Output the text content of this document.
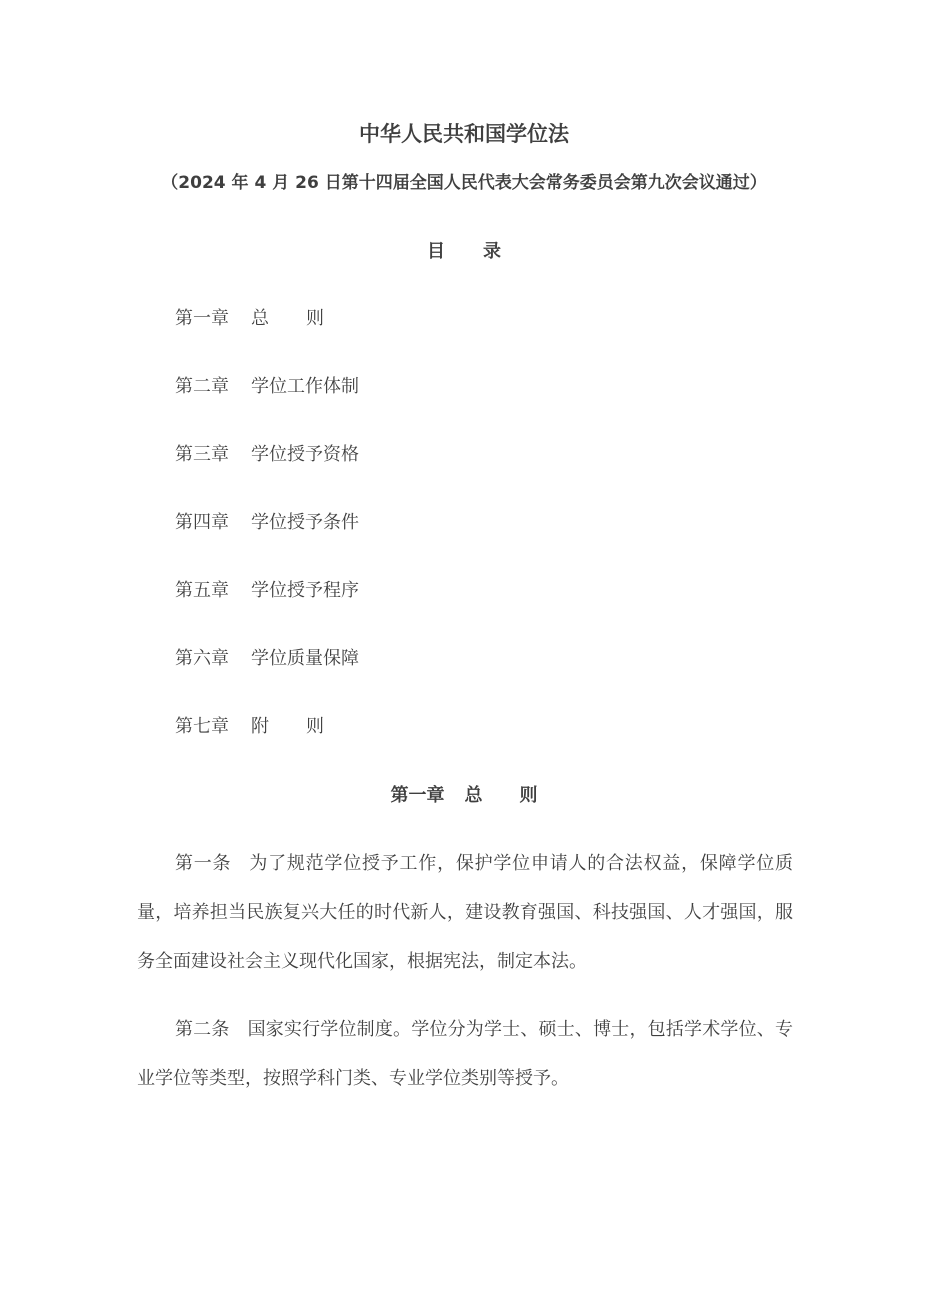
中华人民共和国学位法

（2024 年 4 月 26 日第十四届全国人民代表大会常务委员会第九次会议通过）

目 录

第一章 总 则

第二章 学位工作体制

第三章 学位授予资格

第四章 学位授予条件

第五章 学位授予程序

第六章 学位质量保障

第七章 附 则

第一章 总 则

第一条 为了规范学位授予工作，保护学位申请人的合法权益，保障学位质量，培养担当民族复兴大任的时代新人，建设教育强国、科技强国、人才强国，服务全面建设社会主义现代化国家，根据宪法，制定本法。

第二条 国家实行学位制度。学位分为学士、硕士、博士，包括学术学位、专业学位等类型，按照学科门类、专业学位类别等授予。
